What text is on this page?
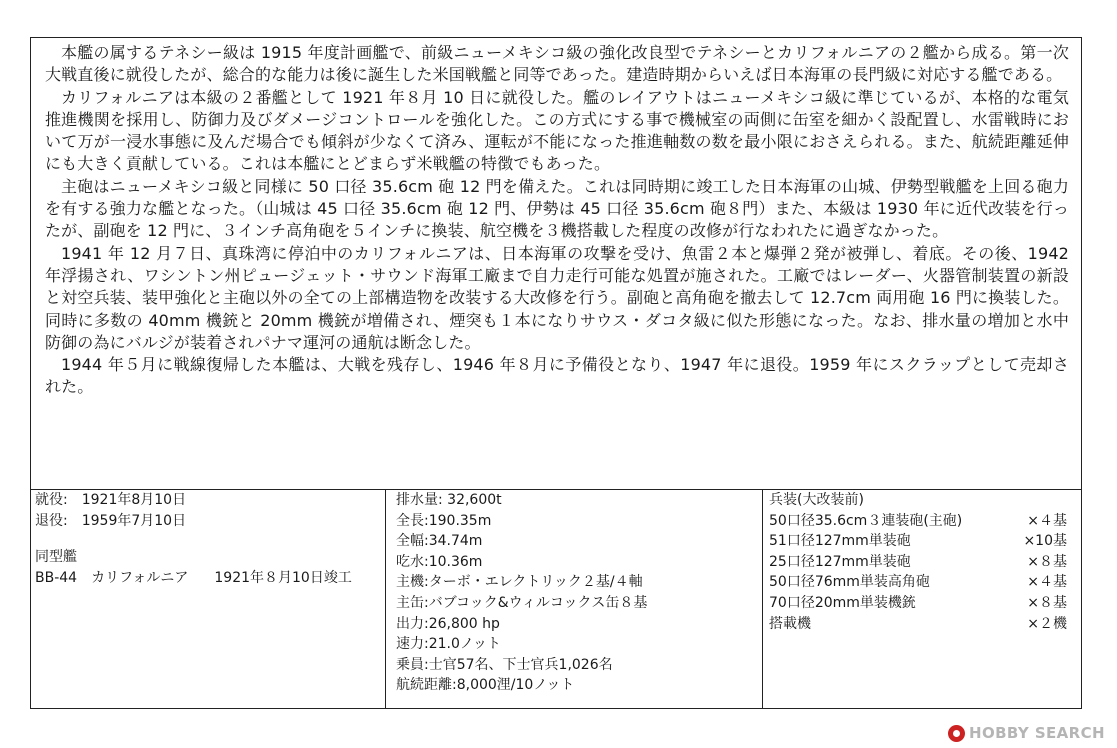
本艦の属するテネシー級は 1915 年度計画艦で、前級ニューメキシコ級の強化改良型でテネシーとカリフォルニアの２艦から成る。第一次大戦直後に就役したが、総合的な能力は後に誕生した米国戦艦と同等であった。建造時期からいえば日本海軍の長門級に対応する艦である。

カリフォルニアは本級の２番艦として 1921 年８月 10 日に就役した。艦のレイアウトはニューメキシコ級に準じているが、本格的な電気推進機関を採用し、防御力及びダメージコントロールを強化した。この方式にする事で機械室の両側に缶室を細かく設配置し、水雷戦時において万が一浸水事態に及んだ場合でも傾斜が少なくて済み、運転が不能になった推進軸数の数を最小限におさえられる。また、航続距離延伸にも大きく貢献している。これは本艦にとどまらず米戦艦の特徴でもあった。

主砲はニューメキシコ級と同様に 50 口径 35.6cm 砲 12 門を備えた。これは同時期に竣工した日本海軍の山城、伊勢型戦艦を上回る砲力を有する強力な艦となった。（山城は 45 口径 35.6cm 砲 12 門、伊勢は 45 口径 35.6cm 砲８門）また、本級は 1930 年に近代改装を行ったが、副砲を 12 門に、３インチ高角砲を５インチに換装、航空機を３機搭載した程度の改修が行なわれたに過ぎなかった。

1941 年 12 月７日、真珠湾に停泊中のカリフォルニアは、日本海軍の攻撃を受け、魚雷２本と爆弾２発が被弾し、着底。その後、1942 年浮揚され、ワシントン州ピュージェット・サウンド海軍工廠まで自力走行可能な処置が施された。工廠ではレーダー、火器管制装置の新設と対空兵装、装甲強化と主砲以外の全ての上部構造物を改装する大改修を行う。副砲と高角砲を撤去して 12.7cm 両用砲 16 門に換装した。同時に多数の 40mm 機銃と 20mm 機銃が増備され、煙突も１本になりサウス・ダコタ級に似た形態になった。なお、排水量の増加と水中防御の為にバルジが装着されパナマ運河の通航は断念した。

1944 年５月に戦線復帰した本艦は、大戦を残存し、1946 年８月に予備役となり、1947 年に退役。1959 年にスクラップとして売却された。

就役: 1921年8月10日
退役: 1959年7月10日
同型艦
BB-44 カリフォルニア 1921年８月10日竣工
排水量: 32,600t
全長:190.35m
全幅:34.74m
吃水:10.36m
主機:ターボ・エレクトリック２基/４軸
主缶:バブコック&ウィルコックス缶８基
出力:26,800 hp
速力:21.0ノット
乗員:士官57名、下士官兵1,026名
航続距離:8,000浬/10ノット
兵装(大改装前)
50口径35.6cm３連装砲(主砲)	×４基
51口径127mm単装砲	×10基
25口径127mm単装砲	×８基
50口径76mm単装高角砲	×４基
70口径20mm単装機銃	×８基
搭載機	×２機
HOBBY SEARCH
